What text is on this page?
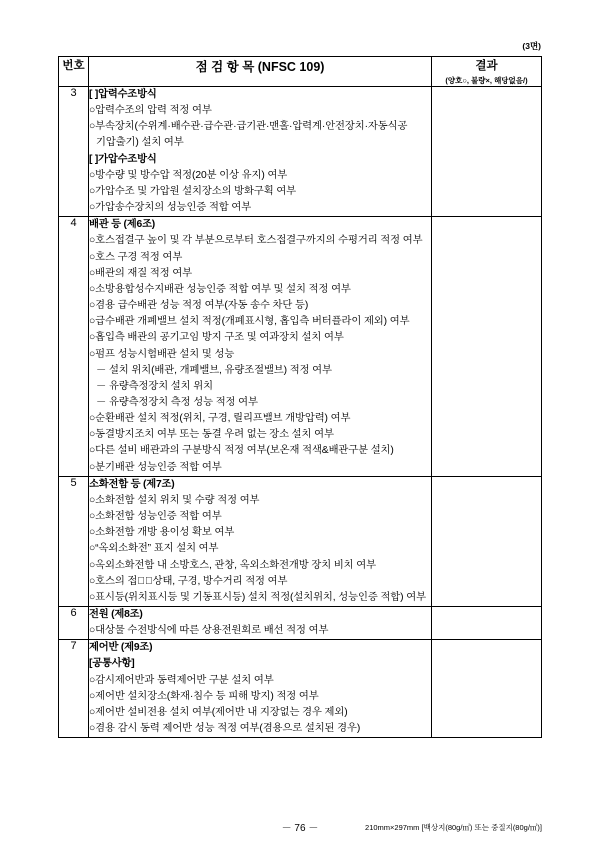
(3면)
번호	점 검 항 목 (NFSC 109)	결과
(양호○, 불량×, 해당없음/)

3	[ ]압력수조방식
○압력수조의 압력 적정 여부
○부속장치(수위계·배수관·급수관·급기관·맨홀·압력계·안전장치·자동식공
기압출기) 설치 여부
[ ]가압수조방식
○방수량 및 방수압 적정(20분 이상 유지) 여부
○가압수조 및 가압원 설치장소의 방화구획 여부
○가압송수장치의 성능인증 적합 여부

4	배관 등 (제6조)
○호스접결구 높이 및 각 부분으로부터 호스접결구까지의 수평거리 적정 여부
○호스 구경 적정 여부
○배관의 재질 적정 여부
○소방용합성수지배관 성능인증 적합 여부 및 설치 적정 여부
○겸용 급수배관 성능 적정 여부(자동 송수 차단 등)
○급수배관 개폐밸브 설치 적정(개폐표시형, 홉입측 버터플라이 제외) 여부
○홉입측 배관의 공기고임 방지 구조 및 여과장치 설치 여부
○펌프 성능시험배관 설치 및 성능
－ 설치 위치(배관, 개폐밸브, 유량조절밸브) 적정 여부
－ 유량측정장치 설치 위치
－ 유량측정장치 측정 성능 적정 여부
○순환배관 설치 적정(위치, 구경, 릴리프밸브 개방압력) 여부
○동결방지조치 여부 또는 동결 우려 없는 장소 설치 여부
○다른 설비 배관과의 구분방식 적정 여부(보온재 적색&배관구분 설치)
○분기배관 성능인증 적합 여부

5	소화전함 등 (제7조)
○소화전함 설치 위치 및 수량 적정 여부
○소화전함 성능인증 적합 여부
○소화전함 개방 용이성 확보 여부
○“옥외소화전” 표지 설치 여부
○옥외소화전함 내 소방호스, 관창, 옥외소화전개방 장치 비치 여부
○호스의 접결ُ상태, 구경, 방수거리 적정 여부
○표시등(위치표시등 및 기동표시등) 설치 적정(설치위치, 성능인증 적합) 여부

6	전원 (제8조)
○대상물 수전방식에 따른 상용전원회로 배선 적정 여부	

7	제어반 (제9조)
[공통사항]
○감시제어반과 동력제어반 구분 설치 여부
○제어반 설치장소(화재·침수 등 피해 방지) 적정 여부
○제어반 설비전용 설치 여부(제어반 내 지장없는 경우 제외)
○겸용 감시 동력 제어반 성능 적정 여부(겸용으로 설치된 경우)

－ 76 －	210mm×297mm [백상지(80g/㎡) 또는 중질지(80g/㎡)]
